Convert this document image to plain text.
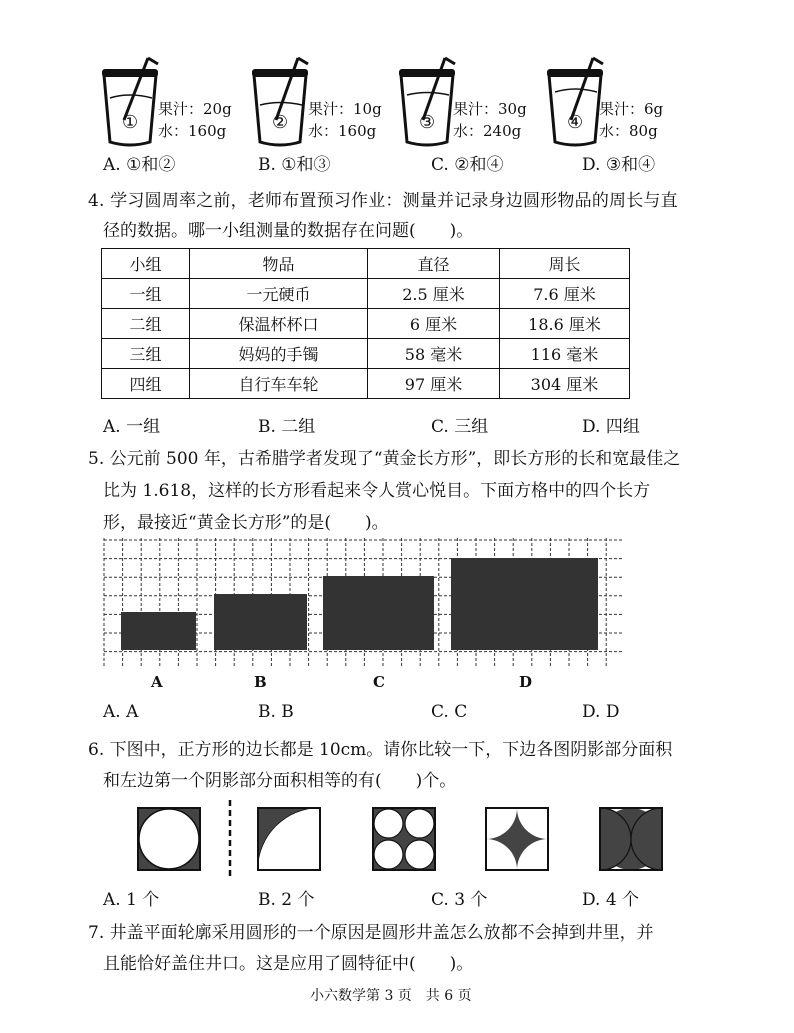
①
果汁：20g
水：160g	②
果汁：10g
水：160g	③
果汁：30g
水：240g	④
果汁：6g
水：80g
A. ①和②	B. ①和③	C. ②和④	D. ③和④
4. 学习圆周率之前，老师布置预习作业：测量并记录身边圆形物品的周长与直
径的数据。哪一小组测量的数据存在问题(　　)。
小组	物品	直径	周长
一组	一元硬币	2.5 厘米	7.6 厘米
二组	保温杯杯口	6 厘米	18.6 厘米
三组	妈妈的手镯	58 毫米	116 毫米
四组	自行车车轮	97 厘米	304 厘米
A. 一组	B. 二组	C. 三组	D. 四组
5. 公元前 500 年，古希腊学者发现了“黄金长方形”，即长方形的长和宽最佳之
比为 1.618，这样的长方形看起来令人赏心悦目。下面方格中的四个长方
形，最接近“黄金长方形”的是(　　)。
A	B	C	D
A. A	B. B	C. C	D. D
6. 下图中，正方形的边长都是 10cm。请你比较一下，下边各图阴影部分面积
和左边第一个阴影部分面积相等的有(　　)个。
A. 1 个	B. 2 个	C. 3 个	D. 4 个
7. 井盖平面轮廓采用圆形的一个原因是圆形井盖怎么放都不会掉到井里，并
且能恰好盖住井口。这是应用了圆特征中(　　)。
小六数学第 3 页　共 6 页
